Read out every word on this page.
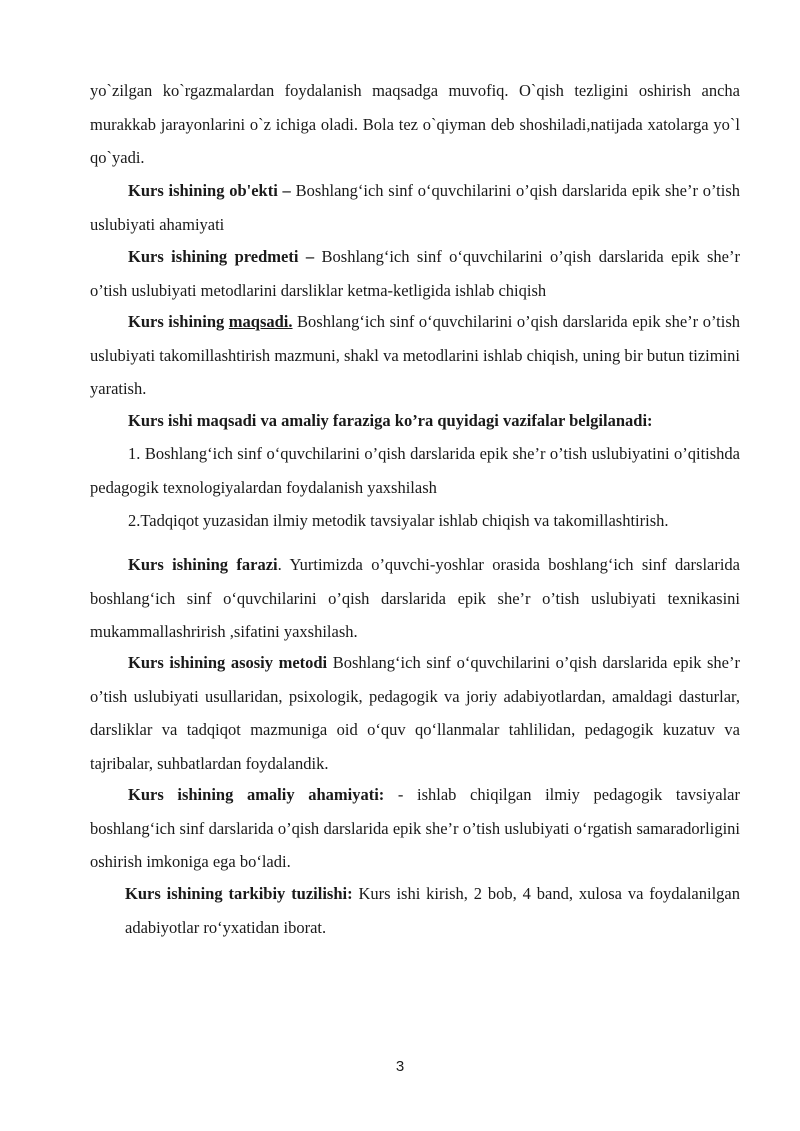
yo`zilgan ko`rgazmalardan foydalanish maqsadga muvofiq. O`qish tezligini oshirish ancha murakkab jarayonlarini o`z ichiga oladi. Bola tez o`qiyman deb shoshiladi,natijada xatolarga yo`l qo`yadi.

Kurs ishining ob'ekti – Boshlang‘ich sinf o‘quvchilarini o’qish darslarida epik she’r o’tish uslubiyati ahamiyati

Kurs ishining predmeti – Boshlang‘ich sinf o‘quvchilarini o’qish darslarida epik she’r o’tish uslubiyati metodlarini darsliklar ketma-ketligida ishlab chiqish

Kurs ishining maqsadi. Boshlang‘ich sinf o‘quvchilarini o’qish darslarida epik she’r o’tish uslubiyati takomillashtirish mazmuni, shakl va metodlarini ishlab chiqish, uning bir butun tizimini yaratish.

Kurs ishi maqsadi va amaliy faraziga ko’ra quyidagi vazifalar belgilanadi:

1. Boshlang‘ich sinf o‘quvchilarini o’qish darslarida epik she’r o’tish uslubiyatini o’qitishda pedagogik texnologiyalardan foydalanish yaxshilash

2.Tadqiqot yuzasidan ilmiy metodik tavsiyalar ishlab chiqish va takomillashtirish.

Kurs ishining farazi. Yurtimizda o’quvchi-yoshlar orasida boshlang‘ich sinf darslarida boshlang‘ich sinf o‘quvchilarini o’qish darslarida epik she’r o’tish uslubiyati texnikasini mukammallashrirish ,sifatini yaxshilash.

Kurs ishining asosiy metodi Boshlang‘ich sinf o‘quvchilarini o’qish darslarida epik she’r o’tish uslubiyati usullaridan, psixologik, pedagogik va joriy adabiyotlardan, amaldagi dasturlar, darsliklar va tadqiqot mazmuniga oid o‘quv qo‘llanmalar tahlilidan, pedagogik kuzatuv va tajribalar, suhbatlardan foydalandik.

Kurs ishining amaliy ahamiyati: - ishlab chiqilgan ilmiy pedagogik tavsiyalar boshlang‘ich sinf darslarida o’qish darslarida epik she’r o’tish uslubiyati o‘rgatish samaradorligini oshirish imkoniga ega bo‘ladi.

Kurs ishining tarkibiy tuzilishi: Kurs ishi kirish, 2 bob, 4 band, xulosa va foydalanilgan adabiyotlar ro‘yxatidan iborat.

3
